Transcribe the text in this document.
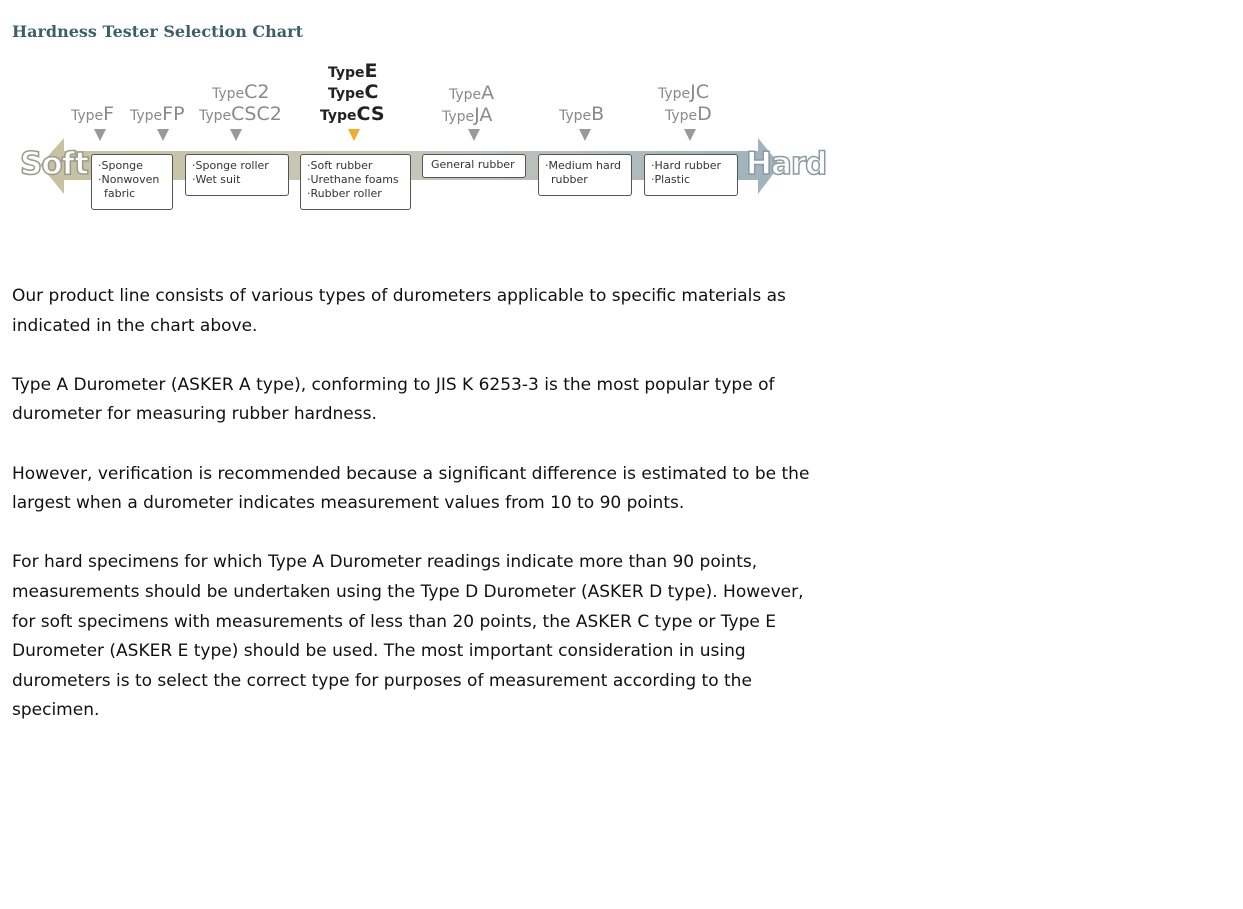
Hardness Tester Selection Chart
Soft	Hard
TypeF TypeFP
TypeC2
TypeCSC2
TypeE
TypeC
TypeCS
TypeA
TypeJA	TypeB
TypeJC
TypeD
·Sponge
·Nonwoven
fabric
·Sponge roller
·Wet suit
·Soft rubber
·Urethane foams
·Rubber roller
General rubber	·Medium hard
rubber
·Hard rubber
·Plastic

Our product line consists of various types of durometers applicable to specific materials as indicated in the chart above.

Type A Durometer (ASKER A type), conforming to JIS K 6253-3 is the most popular type of durometer for measuring rubber hardness.

However, verification is recommended because a significant difference is estimated to be the largest when a durometer indicates measurement values from 10 to 90 points.

For hard specimens for which Type A Durometer readings indicate more than 90 points, measurements should be undertaken using the Type D Durometer (ASKER D type). However, for soft specimens with measurements of less than 20 points, the ASKER C type or Type E Durometer (ASKER E type) should be used. The most important consideration in using durometers is to select the correct type for purposes of measurement according to the specimen.
